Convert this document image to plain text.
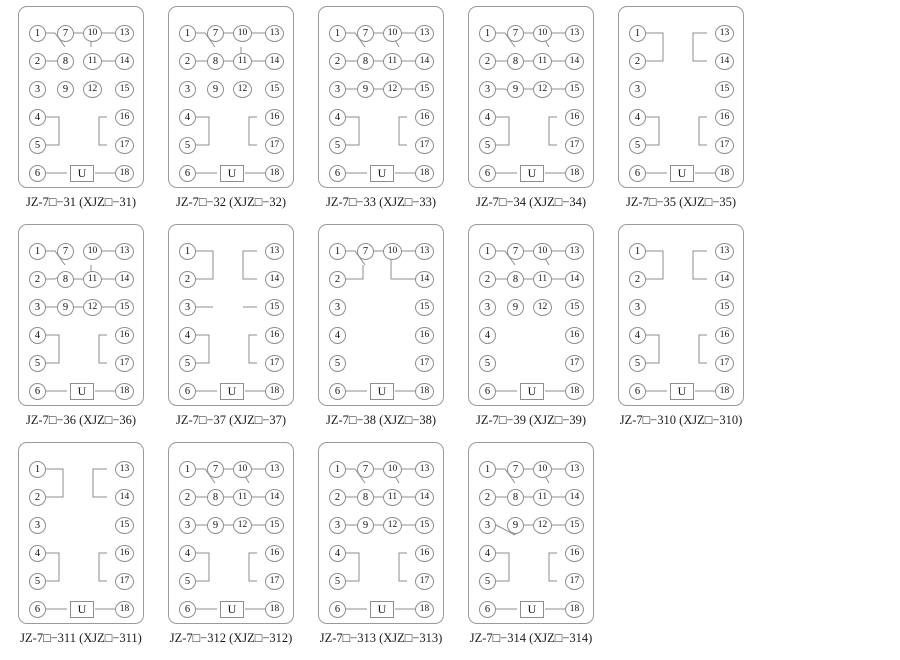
1
2
3
4
5
6
7
8
9
10
11
12
13
14
15
16
17
18
U
JZ-7□−31 (XJZ□−31)
1
2
3
4
5
6
7
8
9
10
11
12
13
14
15
16
17
18
U
JZ-7□−32 (XJZ□−32)
1
2
3
4
5
6
7
8
9
10
11
12
13
14
15
16
17
18
U
JZ-7□−33 (XJZ□−33)
1
2
3
4
5
6
7
8
9
10
11
12
13
14
15
16
17
18
U
JZ-7□−34 (XJZ□−34)
1
2
3
4
5
6
13
14
15
16
17
18
U
JZ-7□−35 (XJZ□−35)
1
2
3
4
5
6
7
8
9
10
11
12
13
14
15
16
17
18
U
JZ-7□−36 (XJZ□−36)
1
2
3
4
5
6
13
14
15
16
17
18
U
JZ-7□−37 (XJZ□−37)
1
2
3
4
5
6
7	10	13
14
15
16
17
18
U
JZ-7□−38 (XJZ□−38)
1
2
3
4
5
6
7
8
9
10
11
12
13
14
15
16
17
18
U
JZ-7□−39 (XJZ□−39)
1
2
3
4
5
6
13
14
15
16
17
18
U
JZ-7□−310 (XJZ□−310)
1
2
3
4
5
6
13
14
15
16
17
18
U
JZ-7□−311 (XJZ□−311)
1
2
3
4
5
6
7
8
9
10
11
12
13
14
15
16
17
18
U
JZ-7□−312 (XJZ□−312)
1
2
3
4
5
6
7
8
9
10
11
12
13
14
15
16
17
18
U
JZ-7□−313 (XJZ□−313)
1
2
3
4
5
6
7
8
9
10
11
12
13
14
15
16
17
18
U
JZ-7□−314 (XJZ□−314)
